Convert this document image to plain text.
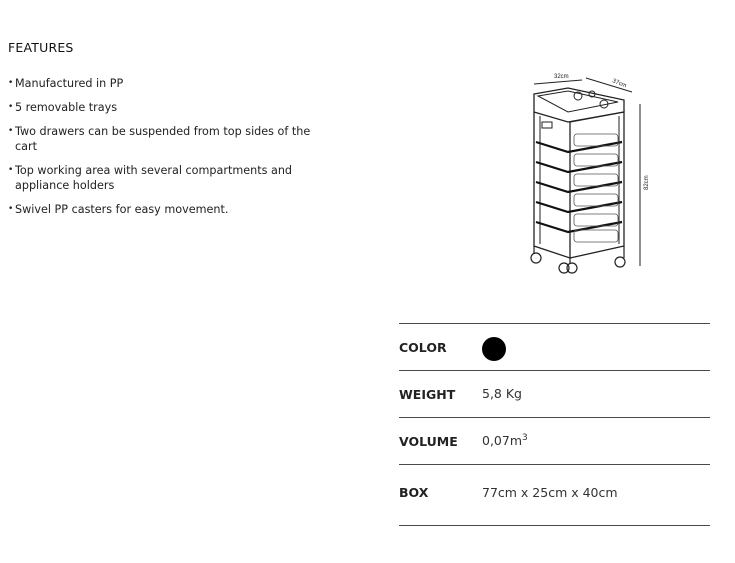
FEATURES
• Manufactured in PP
• 5 removable trays
• Two drawers can be suspended from top sides of the cart
• Top working area with several compartments and appliance holders
• Swivel PP casters for easy movement.
32cm
37cm
82cm
COLOR
WEIGHT 5,8 Kg
VOLUME $0,07m^3$
BOX	77cm x 25cm x 40cm
